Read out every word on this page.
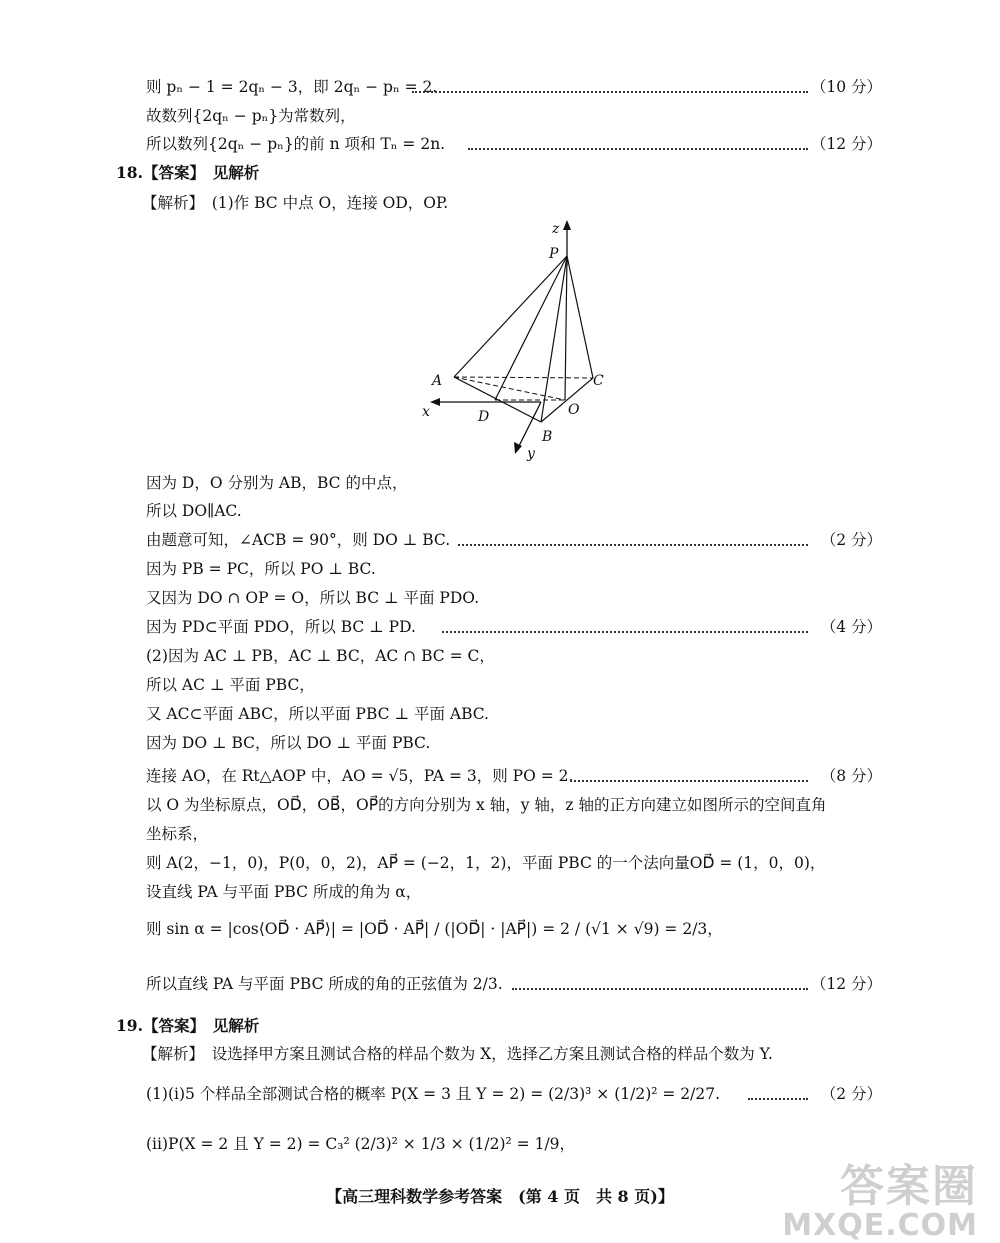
则 pₙ − 1 = 2qₙ − 3，即 2qₙ − pₙ = 2.	（10 分）
故数列{2qₙ − pₙ}为常数列，
所以数列{2qₙ − pₙ}的前 n 项和 Tₙ = 2n.	（12 分）
18.【答案】　见解析
【解析】　(1)作 BC 中点 O，连接 OD，OP.
z
P
A	C
x	D	O
B
y
因为 D，O 分别为 AB，BC 的中点，
所以 DO∥AC.
由题意可知，∠ACB = 90°，则 DO ⊥ BC.	（2 分）
因为 PB = PC，所以 PO ⊥ BC.
又因为 DO ∩ OP = O，所以 BC ⊥ 平面 PDO.
因为 PD⊂平面 PDO，所以 BC ⊥ PD.	（4 分）
(2)因为 AC ⊥ PB，AC ⊥ BC，AC ∩ BC = C，
所以 AC ⊥ 平面 PBC，
又 AC⊂平面 ABC，所以平面 PBC ⊥ 平面 ABC.
因为 DO ⊥ BC，所以 DO ⊥ 平面 PBC.
连接 AO，在 Rt△AOP 中，AO = √5，PA = 3，则 PO = 2.	（8 分）
以 O 为坐标原点，OD⃗，OB⃗，OP⃗的方向分别为 x 轴，y 轴，z 轴的正方向建立如图所示的空间直角
坐标系，
则 A(2，−1，0)，P(0，0，2)，AP⃗ = (−2，1，2)，平面 PBC 的一个法向量OD⃗ = (1，0，0)，
设直线 PA 与平面 PBC 所成的角为 α，
则 sin α = |cos⟨OD⃗ · AP⃗⟩| = |OD⃗ · AP⃗| / (|OD⃗| · |AP⃗|) = 2 / (√1 × √9) = 2/3，
所以直线 PA 与平面 PBC 所成的角的正弦值为 2/3.	（12 分）
19.【答案】　见解析
【解析】　设选择甲方案且测试合格的样品个数为 X，选择乙方案且测试合格的样品个数为 Y.
(1)(i)5 个样品全部测试合格的概率 P(X = 3 且 Y = 2) = (2/3)³ × (1/2)² = 2/27.	（2 分）
(ii)P(X = 2 且 Y = 2) = C₃² (2/3)² × 1/3 × (1/2)² = 1/9，
【高三理科数学参考答案　(第 4 页　共 8 页)】	答案圈
MXQE.COM
